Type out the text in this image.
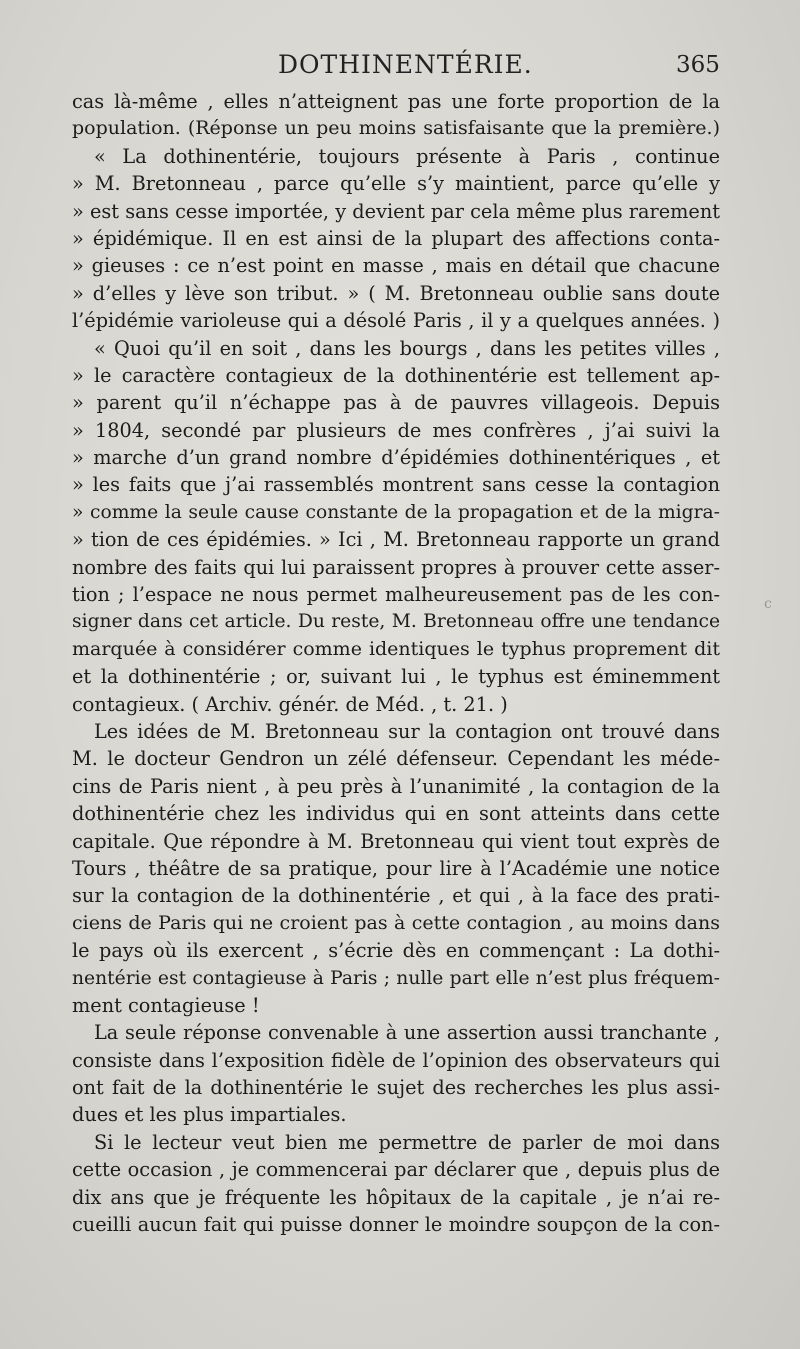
DOTHINENTÉRIE.	365
cas là-même , elles n’atteignent pas une forte proportion de la
population. (Réponse un peu moins satisfaisante que la première.)
« La dothinentérie, toujours présente à Paris , continue
» M. Bretonneau , parce qu’elle s’y maintient, parce qu’elle y
» est sans cesse importée, y devient par cela même plus rarement
» épidémique. Il en est ainsi de la plupart des affections conta-
» gieuses : ce n’est point en masse , mais en détail que chacune
» d’elles y lève son tribut. » ( M. Bretonneau oublie sans doute
l’épidémie varioleuse qui a désolé Paris , il y a quelques années. )
« Quoi qu’il en soit , dans les bourgs , dans les petites villes ,
» le caractère contagieux de la dothinentérie est tellement ap-
» parent qu’il n’échappe pas à de pauvres villageois. Depuis
» 1804, secondé par plusieurs de mes confrères , j’ai suivi la
» marche d’un grand nombre d’épidémies dothinentériques , et
» les faits que j’ai rassemblés montrent sans cesse la contagion
» comme la seule cause constante de la propagation et de la migra-
» tion de ces épidémies. » Ici , M. Bretonneau rapporte un grand
nombre des faits qui lui paraissent propres à prouver cette asser-
tion ; l’espace ne nous permet malheureusement pas de les con-
signer dans cet article. Du reste, M. Bretonneau offre une tendance
marquée à considérer comme identiques le typhus proprement dit
et la dothinentérie ; or, suivant lui , le typhus est éminemment
contagieux. ( Archiv. génér. de Méd. , t. 21. )
Les idées de M. Bretonneau sur la contagion ont trouvé dans
M. le docteur Gendron un zélé défenseur. Cependant les méde-
cins de Paris nient , à peu près à l’unanimité , la contagion de la
dothinentérie chez les individus qui en sont atteints dans cette
capitale. Que répondre à M. Bretonneau qui vient tout exprès de
Tours , théâtre de sa pratique, pour lire à l’Académie une notice
sur la contagion de la dothinentérie , et qui , à la face des prati-
ciens de Paris qui ne croient pas à cette contagion , au moins dans
le pays où ils exercent , s’écrie dès en commençant : La dothi-
nentérie est contagieuse à Paris ; nulle part elle n’est plus fréquem-
ment contagieuse !
La seule réponse convenable à une assertion aussi tranchante ,
consiste dans l’exposition fidèle de l’opinion des observateurs qui
ont fait de la dothinentérie le sujet des recherches les plus assi-
dues et les plus impartiales.
Si le lecteur veut bien me permettre de parler de moi dans
cette occasion , je commencerai par déclarer que , depuis plus de
dix ans que je fréquente les hôpitaux de la capitale , je n’ai re-
cueilli aucun fait qui puisse donner le moindre soupçon de la con-
c
